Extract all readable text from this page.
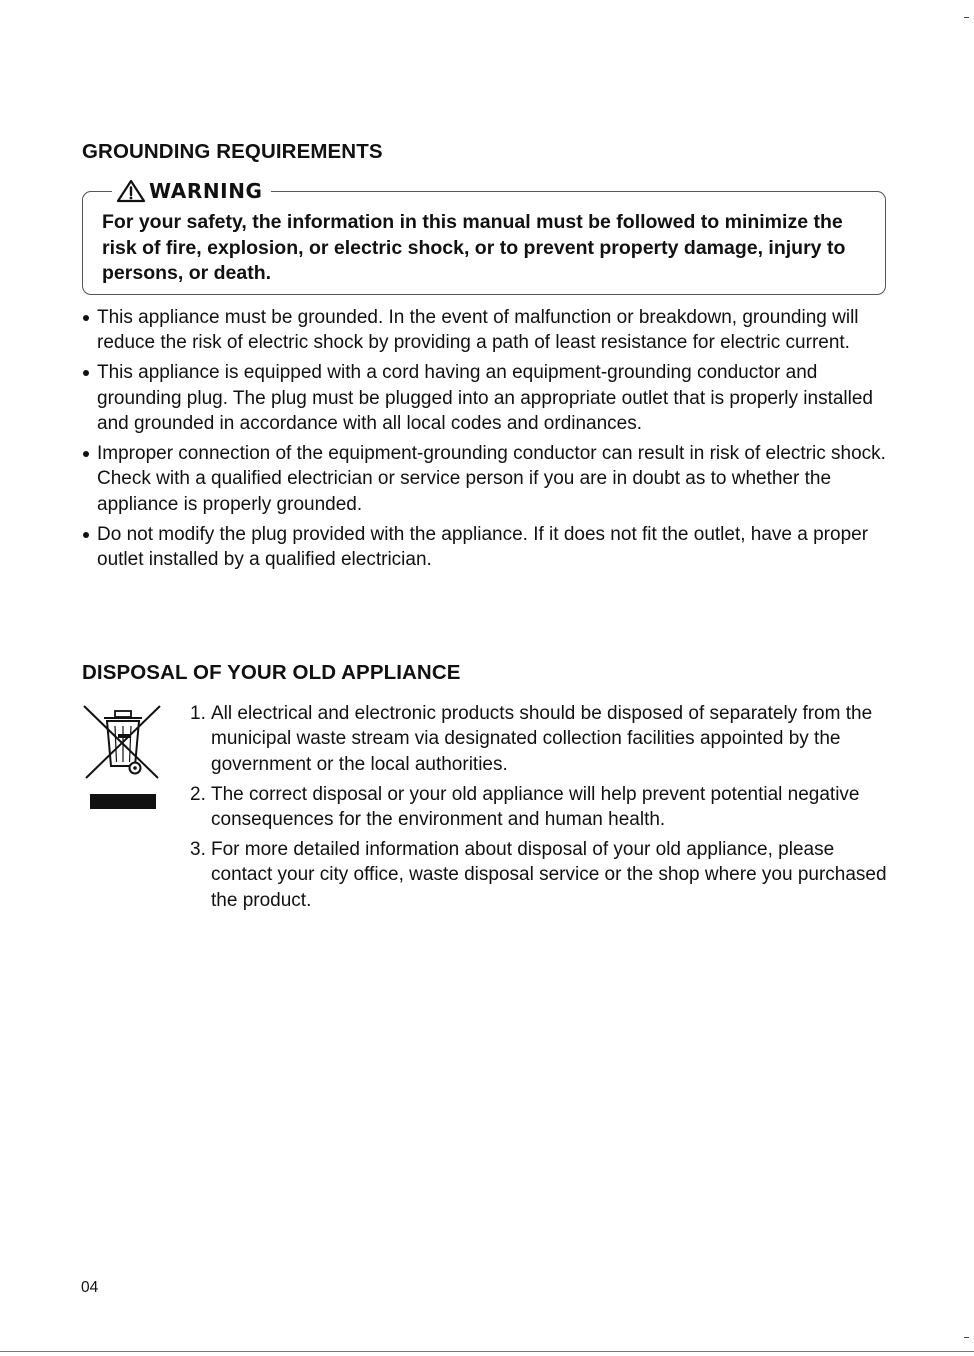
GROUNDING REQUIREMENTS
WARNING

For your safety, the information in this manual must be followed to minimize the risk of fire, explosion, or electric shock, or to prevent property damage, injury to persons, or death.

This appliance must be grounded. In the event of malfunction or breakdown, grounding will reduce the risk of electric shock by providing a path of least resistance for electric current.
This appliance is equipped with a cord having an equipment-grounding conductor and grounding plug. The plug must be plugged into an appropriate outlet that is properly installed and grounded in accordance with all local codes and ordinances.
Improper connection of the equipment-grounding conductor can result in risk of electric shock. Check with a qualified electrician or service person if you are in doubt as to whether the appliance is properly grounded.
Do not modify the plug provided with the appliance. If it does not fit the outlet, have a proper outlet installed by a qualified electrician.
DISPOSAL OF YOUR OLD APPLIANCE
1. All electrical and electronic products should be disposed of separately from the municipal waste stream via designated collection facilities appointed by the government or the local authorities.
2. The correct disposal or your old appliance will help prevent potential negative consequences for the environment and human health.
3. For more detailed information about disposal of your old appliance, please contact your city office, waste disposal service or the shop where you purchased the product.
04
